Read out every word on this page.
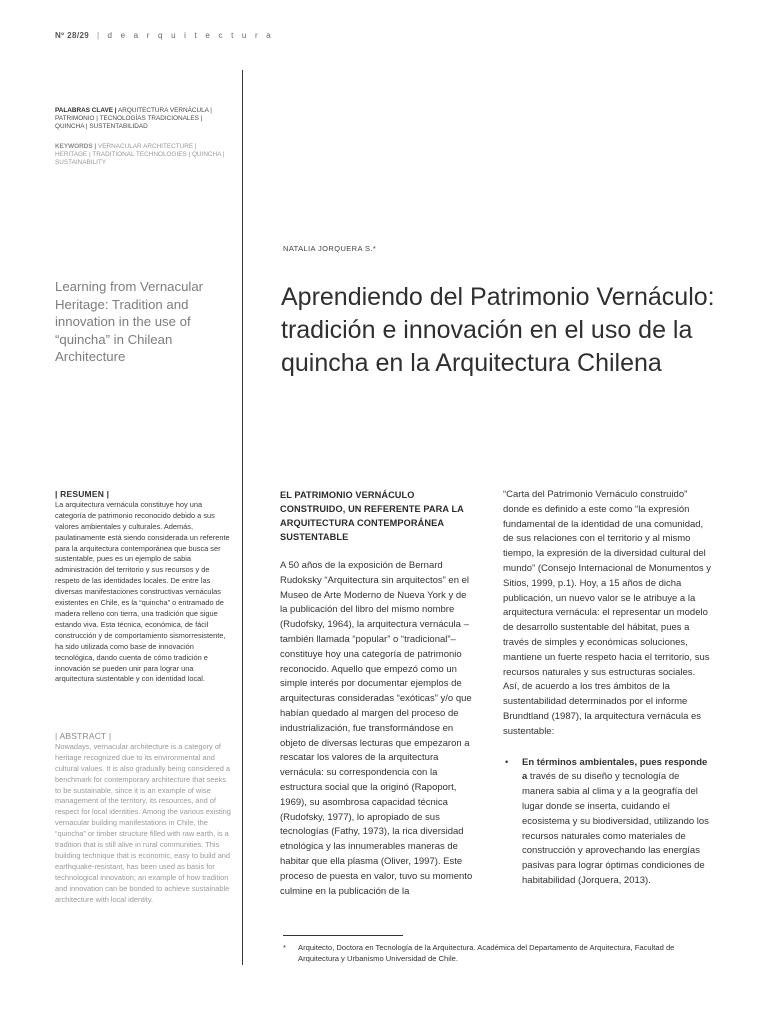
Nº 28/29 | d e a r q u i t e c t u r a
PALABRAS CLAVE | ARQUITECTURA VERNÁCULA | PATRIMONIO | TECNOLOGÍAS TRADICIONALES | QUINCHA | SUSTENTABILIDAD
KEYWORDS | VERNACULAR ARCHITECTURE | HERITAGE | TRADITIONAL TECHNOLOGIES | QUINCHA | SUSTAINABILITY
NATALIA JORQUERA S.*
Learning from Vernacular Heritage: Tradition and innovation in the use of “quincha” in Chilean Architecture
Aprendiendo del Patrimonio Vernáculo: tradición e innovación en el uso de la quincha en la Arquitectura Chilena
| RESUMEN |

La arquitectura vernácula constituye hoy una categoría de patrimonio reconocido debido a sus valores ambientales y culturales. Además, paulatinamente está siendo considerada un referente para la arquitectura contemporánea que busca ser sustentable, pues es un ejemplo de sabia administración del territorio y sus recursos y de respeto de las identidades locales. De entre las diversas manifestaciones constructivas vernáculas existentes en Chile, es la “quincha” o entramado de madera relleno con tierra, una tradición que sigue estando viva. Esta técnica, económica, de fácil construcción y de comportamiento sismorresistente, ha sido utilizada como base de innovación tecnológica, dando cuenta de cómo tradición e innovación se pueden unir para lograr una arquitectura sustentable y con identidad local.

| ABSTRACT |

Nowadays, vernacular architecture is a category of heritage recognized due to its environmental and cultural values. It is also gradually being considered a benchmark for contemporary architecture that seeks to be sustainable, since it is an example of wise management of the territory, its resources, and of respect for local identities. Among the various existing vernacular building manifestations in Chile, the “quincha” or timber structure filled with raw earth, is a tradition that is still alive in rural communities. This building technique that is economic, easy to build and earthquake-resistant, has been used as basis for technological innovation; an example of how tradition and innovation can be bonded to achieve sustainable architecture with local identity.

EL PATRIMONIO VERNÁCULO CONSTRUIDO, UN REFERENTE PARA LA ARQUITECTURA CONTEMPORÁNEA SUSTENTABLE

A 50 años de la exposición de Bernard Rudoksky “Arquitectura sin arquitectos” en el Museo de Arte Moderno de Nueva York y de la publicación del libro del mismo nombre (Rudofsky, 1964), la arquitectura vernácula –también llamada “popular” o “tradicional”– constituye hoy una categoría de patrimonio reconocido. Aquello que empezó como un simple interés por documentar ejemplos de arquitecturas consideradas “exóticas” y/o que habían quedado al margen del proceso de industrialización, fue transformándose en objeto de diversas lecturas que empezaron a rescatar los valores de la arquitectura vernácula: su correspondencia con la estructura social que la originó (Rapoport, 1969), su asombrosa capacidad técnica (Rudofsky, 1977), lo apropiado de sus tecnologías (Fathy, 1973), la rica diversidad etnológica y las innumerables maneras de habitar que ella plasma (Oliver, 1997). Este proceso de puesta en valor, tuvo su momento culmine en la publicación de la

“Carta del Patrimonio Vernáculo construido” donde es definido a este como “la expresión fundamental de la identidad de una comunidad, de sus relaciones con el territorio y al mismo tiempo, la expresión de la diversidad cultural del mundo” (Consejo Internacional de Monumentos y Sitios, 1999, p.1). Hoy, a 15 años de dicha publicación, un nuevo valor se le atribuye a la arquitectura vernácula: el representar un modelo de desarrollo sustentable del hábitat, pues a través de simples y económicas soluciones, mantiene un fuerte respeto hacia el territorio, sus recursos naturales y sus estructuras sociales. Así, de acuerdo a los tres ámbitos de la sustentabilidad determinados por el informe Brundtland (1987), la arquitectura vernácula es sustentable:

• En términos ambientales, pues responde a través de su diseño y tecnología de manera sabia al clima y a la geografía del lugar donde se inserta, cuidando el ecosistema y su biodiversidad, utilizando los recursos naturales como materiales de construcción y aprovechando las energías pasivas para lograr óptimas condiciones de habitabilidad (Jorquera, 2013).
*	Arquitecto, Doctora en Tecnología de la Arquitectura. Académica del Departamento de Arquitectura, Facultad de Arquitectura y Urbanismo Universidad de Chile.
